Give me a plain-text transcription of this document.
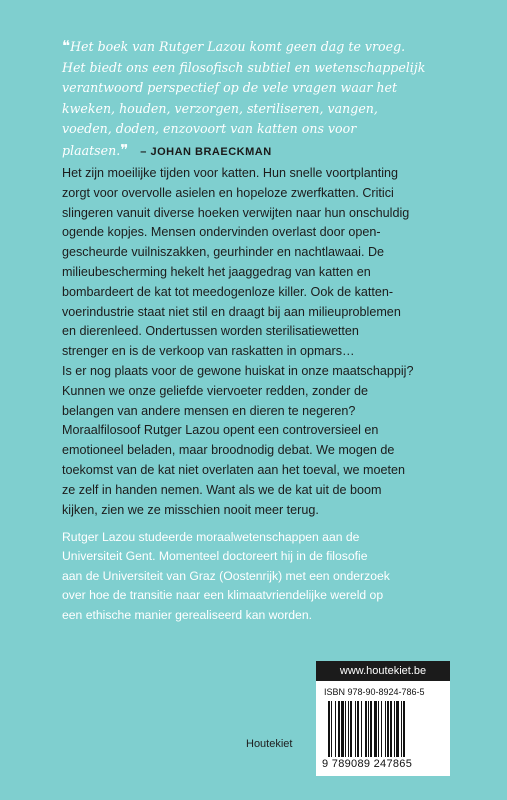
❝Het boek van Rutger Lazou komt geen dag te vroeg.
Het biedt ons een filosofisch subtiel en wetenschappelijk
verantwoord perspectief op de vele vragen waar het
kweken, houden, verzorgen, steriliseren, vangen,
voeden, doden, enzovoort van katten ons voor
plaatsen.❞ – JOHAN BRAECKMAN

Het zijn moeilijke tijden voor katten. Hun snelle voortplanting
zorgt voor overvolle asielen en hopeloze zwerfkatten. Critici
slingeren vanuit diverse hoeken verwijten naar hun onschuldig
ogende kopjes. Mensen ondervinden overlast door open-
gescheurde vuilniszakken, geurhinder en nachtlawaai. De
milieubescherming hekelt het jaaggedrag van katten en
bombardeert de kat tot meedogenloze killer. Ook de katten-
voerindustrie staat niet stil en draagt bij aan milieuproblemen
en dierenleed. Ondertussen worden sterilisatiewetten
strenger en is de verkoop van raskatten in opmars…

Is er nog plaats voor de gewone huiskat in onze maatschappij?
Kunnen we onze geliefde viervoeter redden, zonder de
belangen van andere mensen en dieren te negeren?
Moraalfilosoof Rutger Lazou opent een controversieel en
emotioneel beladen, maar broodnodig debat. We mogen de
toekomst van de kat niet overlaten aan het toeval, we moeten
ze zelf in handen nemen. Want als we de kat uit de boom
kijken, zien we ze misschien nooit meer terug.

Rutger Lazou studeerde moraalwetenschappen aan de
Universiteit Gent. Momenteel doctoreert hij in de filosofie
aan de Universiteit van Graz (Oostenrijk) met een onderzoek
over hoe de transitie naar een klimaatvriendelijke wereld op
een ethische manier gerealiseerd kan worden.

www.houtekiet.be
ISBN 978-90-8924-786-5
9 789089 247865
Houtekiet
